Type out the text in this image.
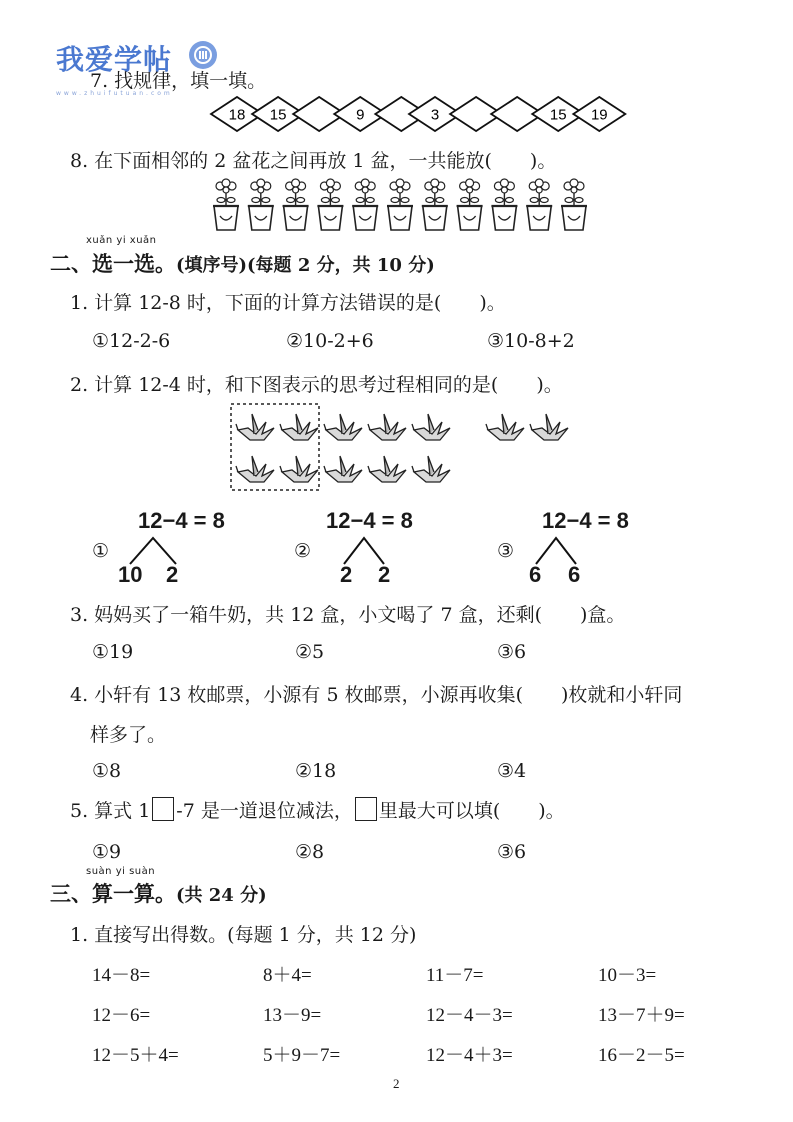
我爱学帖
www.zhuifutuan.com
7. 找规律，填一填。
18 15	9	3	15 19
8. 在下面相邻的 2 盆花之间再放 1 盆，一共能放(　　)。
xuǎn yi xuǎn
二、选一选。(填序号)(每题 2 分，共 10 分)
1. 计算 12-8 时，下面的计算方法错误的是(　　)。
①12-2-6	②10-2+6	③10-8+2
2. 计算 12-4 时，和下图表示的思考过程相同的是(　　)。
①
12−4 = 8
10 2
②
12−4 = 8
2 2
③
12−4 = 8
6 6
3. 妈妈买了一箱牛奶，共 12 盒，小文喝了 7 盒，还剩(　　)盒。
①19	②5	③6
4. 小轩有 13 枚邮票，小源有 5 枚邮票，小源再收集(　　)枚就和小轩同
样多了。
①8	②18	③4
5. 算式 1 -7 是一道退位减法， 里最大可以填(　　)。
①9	②8	③6
suàn yi suàn
三、算一算。(共 24 分)
1. 直接写出得数。(每题 1 分，共 12 分)
14－8=	8＋4=	11－7=	10－3=
12－6=	13－9=	12－4－3=	13－7＋9=
12－5＋4=	5＋9－7=	12－4＋3=	16－2－5=
2
